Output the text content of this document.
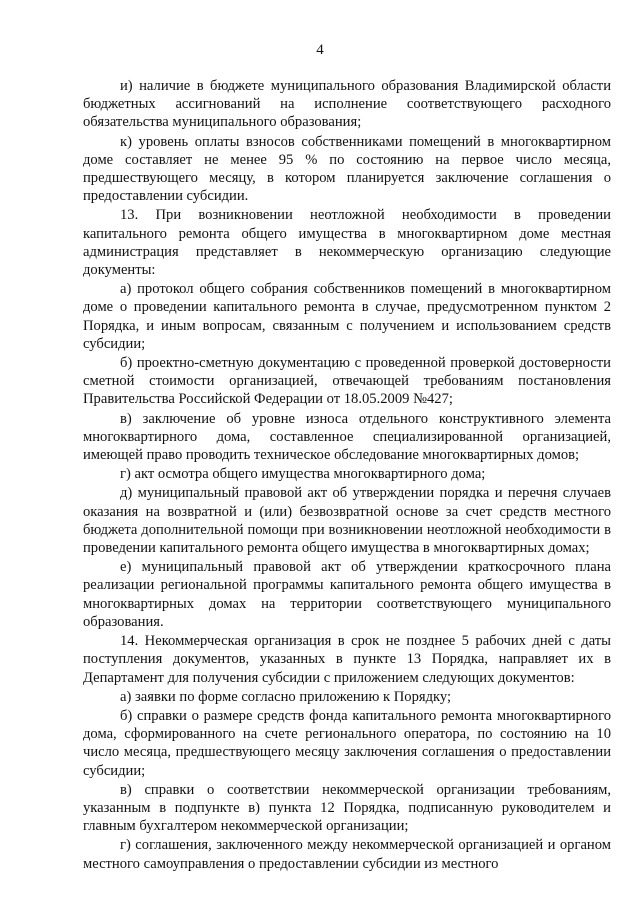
4

и) наличие в бюджете муниципального образования Владимирской области бюджетных ассигнований на исполнение соответствующего расходного обязательства муниципального образования;

к) уровень оплаты взносов собственниками помещений в многоквартирном доме составляет не менее 95 % по состоянию на первое число месяца, предшествующего месяцу, в котором планируется заключение соглашения о предоставлении субсидии.

13. При возникновении неотложной необходимости в проведении капитального ремонта общего имущества в многоквартирном доме местная администрация представляет в некоммерческую организацию следующие документы:

а) протокол общего собрания собственников помещений в многоквартирном доме о проведении капитального ремонта в случае, предусмотренном пунктом 2 Порядка, и иным вопросам, связанным с получением и использованием средств субсидии;

б) проектно-сметную документацию с проведенной проверкой достоверности сметной стоимости организацией, отвечающей требованиям постановления Правительства Российской Федерации от 18.05.2009 №427;

в) заключение об уровне износа отдельного конструктивного элемента многоквартирного дома, составленное специализированной организацией, имеющей право проводить техническое обследование многоквартирных домов;

г) акт осмотра общего имущества многоквартирного дома;

д) муниципальный правовой акт об утверждении порядка и перечня случаев оказания на возвратной и (или) безвозвратной основе за счет средств местного бюджета дополнительной помощи при возникновении неотложной необходимости в проведении капитального ремонта общего имущества в многоквартирных домах;

е) муниципальный правовой акт об утверждении краткосрочного плана реализации региональной программы капитального ремонта общего имущества в многоквартирных домах на территории соответствующего муниципального образования.

14. Некоммерческая организация в срок не позднее 5 рабочих дней с даты поступления документов, указанных в пункте 13 Порядка, направляет их в Департамент для получения субсидии с приложением следующих документов:

а) заявки по форме согласно приложению к Порядку;

б) справки о размере средств фонда капитального ремонта многоквартирного дома, сформированного на счете регионального оператора, по состоянию на 10 число месяца, предшествующего месяцу заключения соглашения о предоставлении субсидии;

в) справки о соответствии некоммерческой организации требованиям, указанным в подпункте в) пункта 12 Порядка, подписанную руководителем и главным бухгалтером некоммерческой организации;

г) соглашения, заключенного между некоммерческой организацией и органом местного самоуправления о предоставлении субсидии из местного
